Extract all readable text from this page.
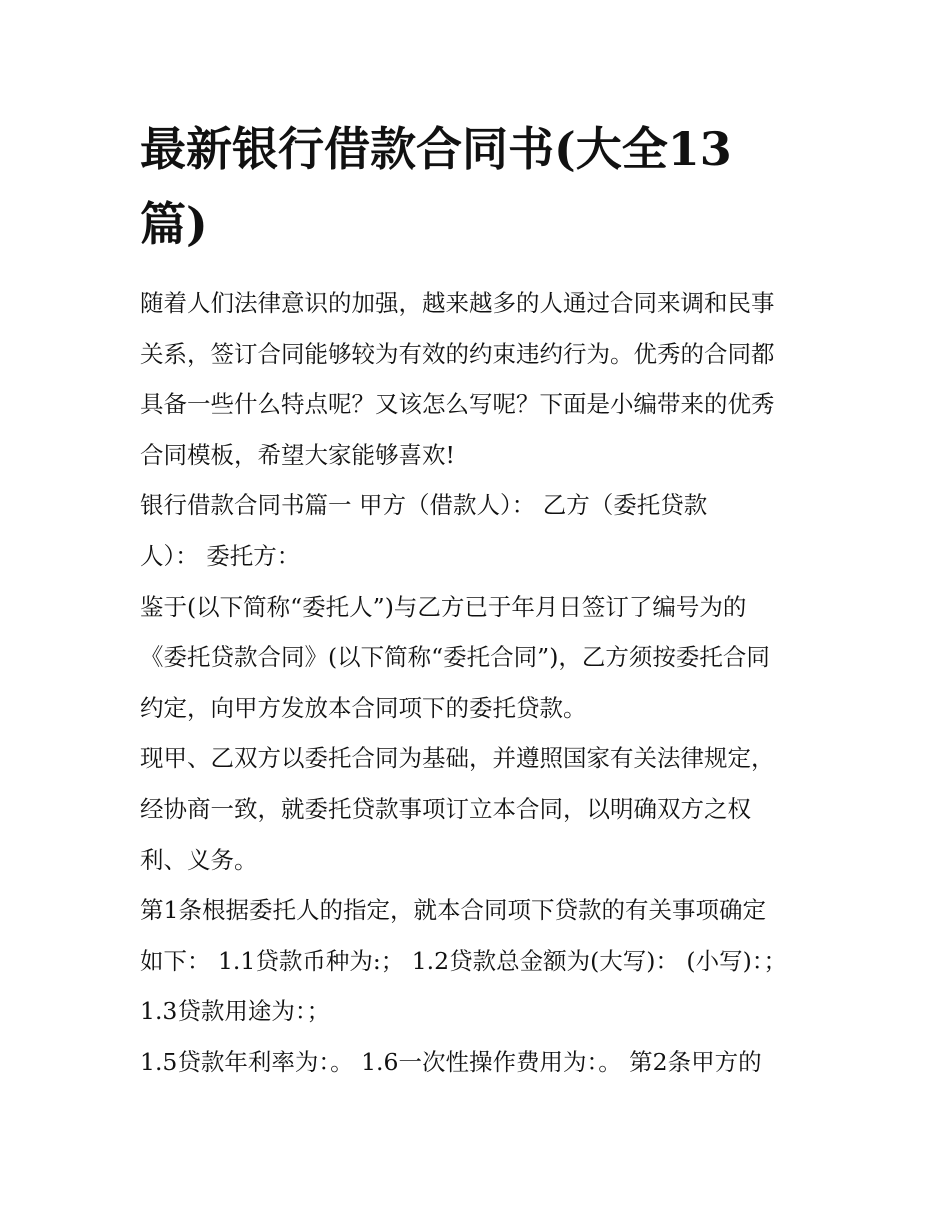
最新银行借款合同书(大全13
篇)

随着人们法律意识的加强，越来越多的人通过合同来调和民事
关系，签订合同能够较为有效的约束违约行为。优秀的合同都
具备一些什么特点呢？又该怎么写呢？下面是小编带来的优秀
合同模板，希望大家能够喜欢!

银行借款合同书篇一 甲方（借款人）： 乙方（委托贷款
人）： 委托方：

鉴于(以下简称“委托人”)与乙方已于年月日签订了编号为的
《委托贷款合同》(以下简称“委托合同”)，乙方须按委托合同
约定，向甲方发放本合同项下的委托贷款。

现甲、乙双方以委托合同为基础，并遵照国家有关法律规定，
经协商一致，就委托贷款事项订立本合同，以明确双方之权
利、义务。

第1条根据委托人的指定，就本合同项下贷款的有关事项确定
如下： 1.1贷款币种为:； 1.2贷款总金额为(大写)： (小写)：；
1.3贷款用途为：；

1.5贷款年利率为：。 1.6一次性操作费用为：。 第2条甲方的
